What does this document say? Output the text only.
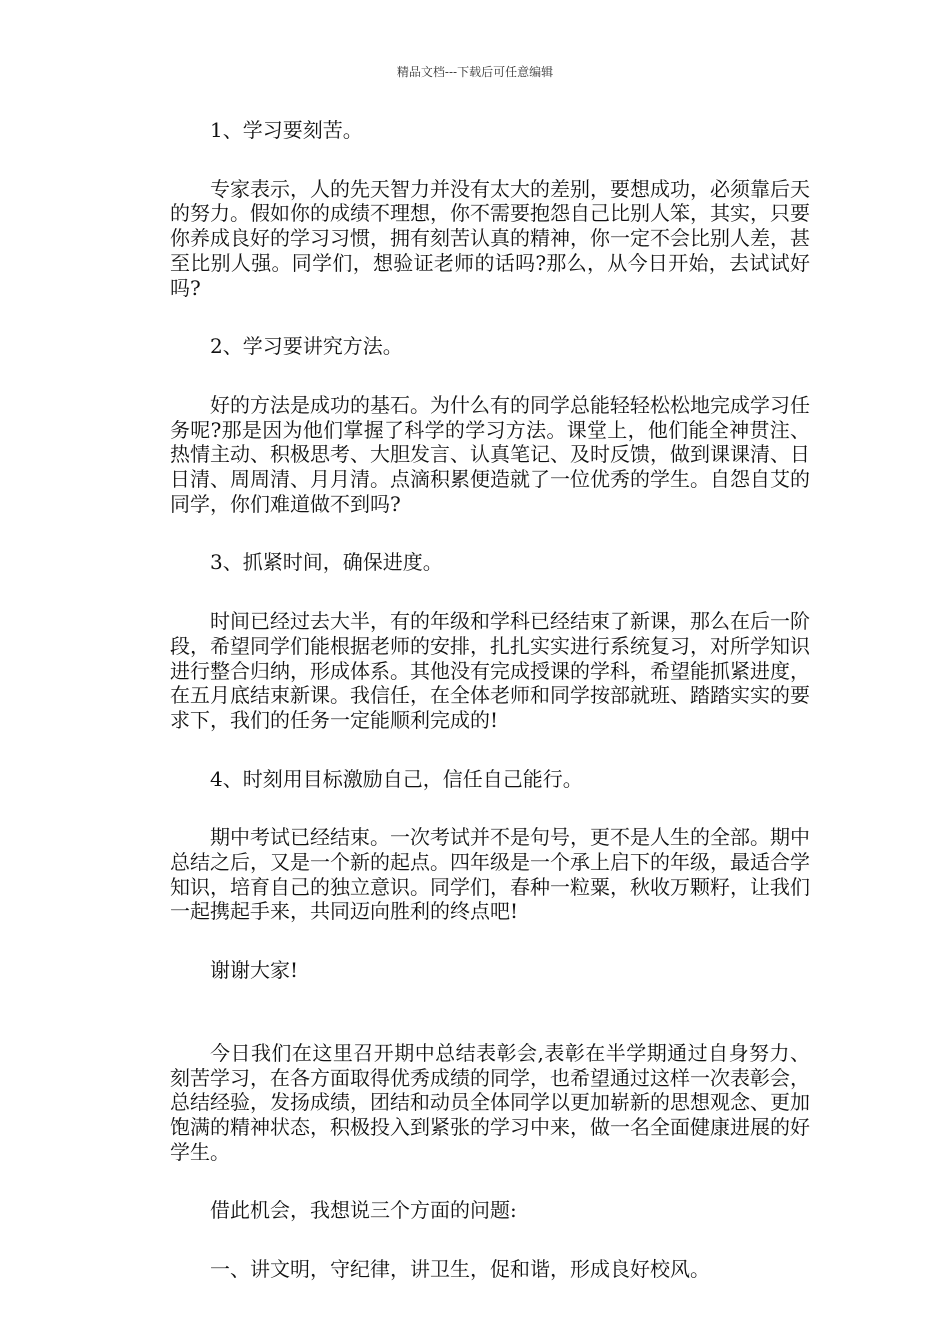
精品文档---下载后可任意编辑

1、学习要刻苦。

专家表示，人的先天智力并没有太大的差别，要想成功，必须靠后天的努力。假如你的成绩不理想，你不需要抱怨自己比别人笨，其实，只要你养成良好的学习习惯，拥有刻苦认真的精神，你一定不会比别人差，甚至比别人强。同学们，想验证老师的话吗?那么，从今日开始，去试试好吗?

2、学习要讲究方法。

好的方法是成功的基石。为什么有的同学总能轻轻松松地完成学习任务呢?那是因为他们掌握了科学的学习方法。课堂上，他们能全神贯注、热情主动、积极思考、大胆发言、认真笔记、及时反馈，做到课课清、日日清、周周清、月月清。点滴积累便造就了一位优秀的学生。自怨自艾的同学，你们难道做不到吗?

3、抓紧时间，确保进度。

时间已经过去大半，有的年级和学科已经结束了新课，那么在后一阶段，希望同学们能根据老师的安排，扎扎实实进行系统复习，对所学知识进行整合归纳，形成体系。其他没有完成授课的学科，希望能抓紧进度，在五月底结束新课。我信任，在全体老师和同学按部就班、踏踏实实的要求下，我们的任务一定能顺利完成的!

4、时刻用目标激励自己，信任自己能行。

期中考试已经结束。一次考试并不是句号，更不是人生的全部。期中总结之后，又是一个新的起点。四年级是一个承上启下的年级，最适合学知识，培育自己的独立意识。同学们，春种一粒粟，秋收万颗籽，让我们一起携起手来，共同迈向胜利的终点吧!

谢谢大家!

今日我们在这里召开期中总结表彰会,表彰在半学期通过自身努力、刻苦学习，在各方面取得优秀成绩的同学，也希望通过这样一次表彰会，总结经验，发扬成绩，团结和动员全体同学以更加崭新的思想观念、更加饱满的精神状态，积极投入到紧张的学习中来，做一名全面健康进展的好学生。

借此机会，我想说三个方面的问题:

一、讲文明，守纪律，讲卫生，促和谐，形成良好校风。
